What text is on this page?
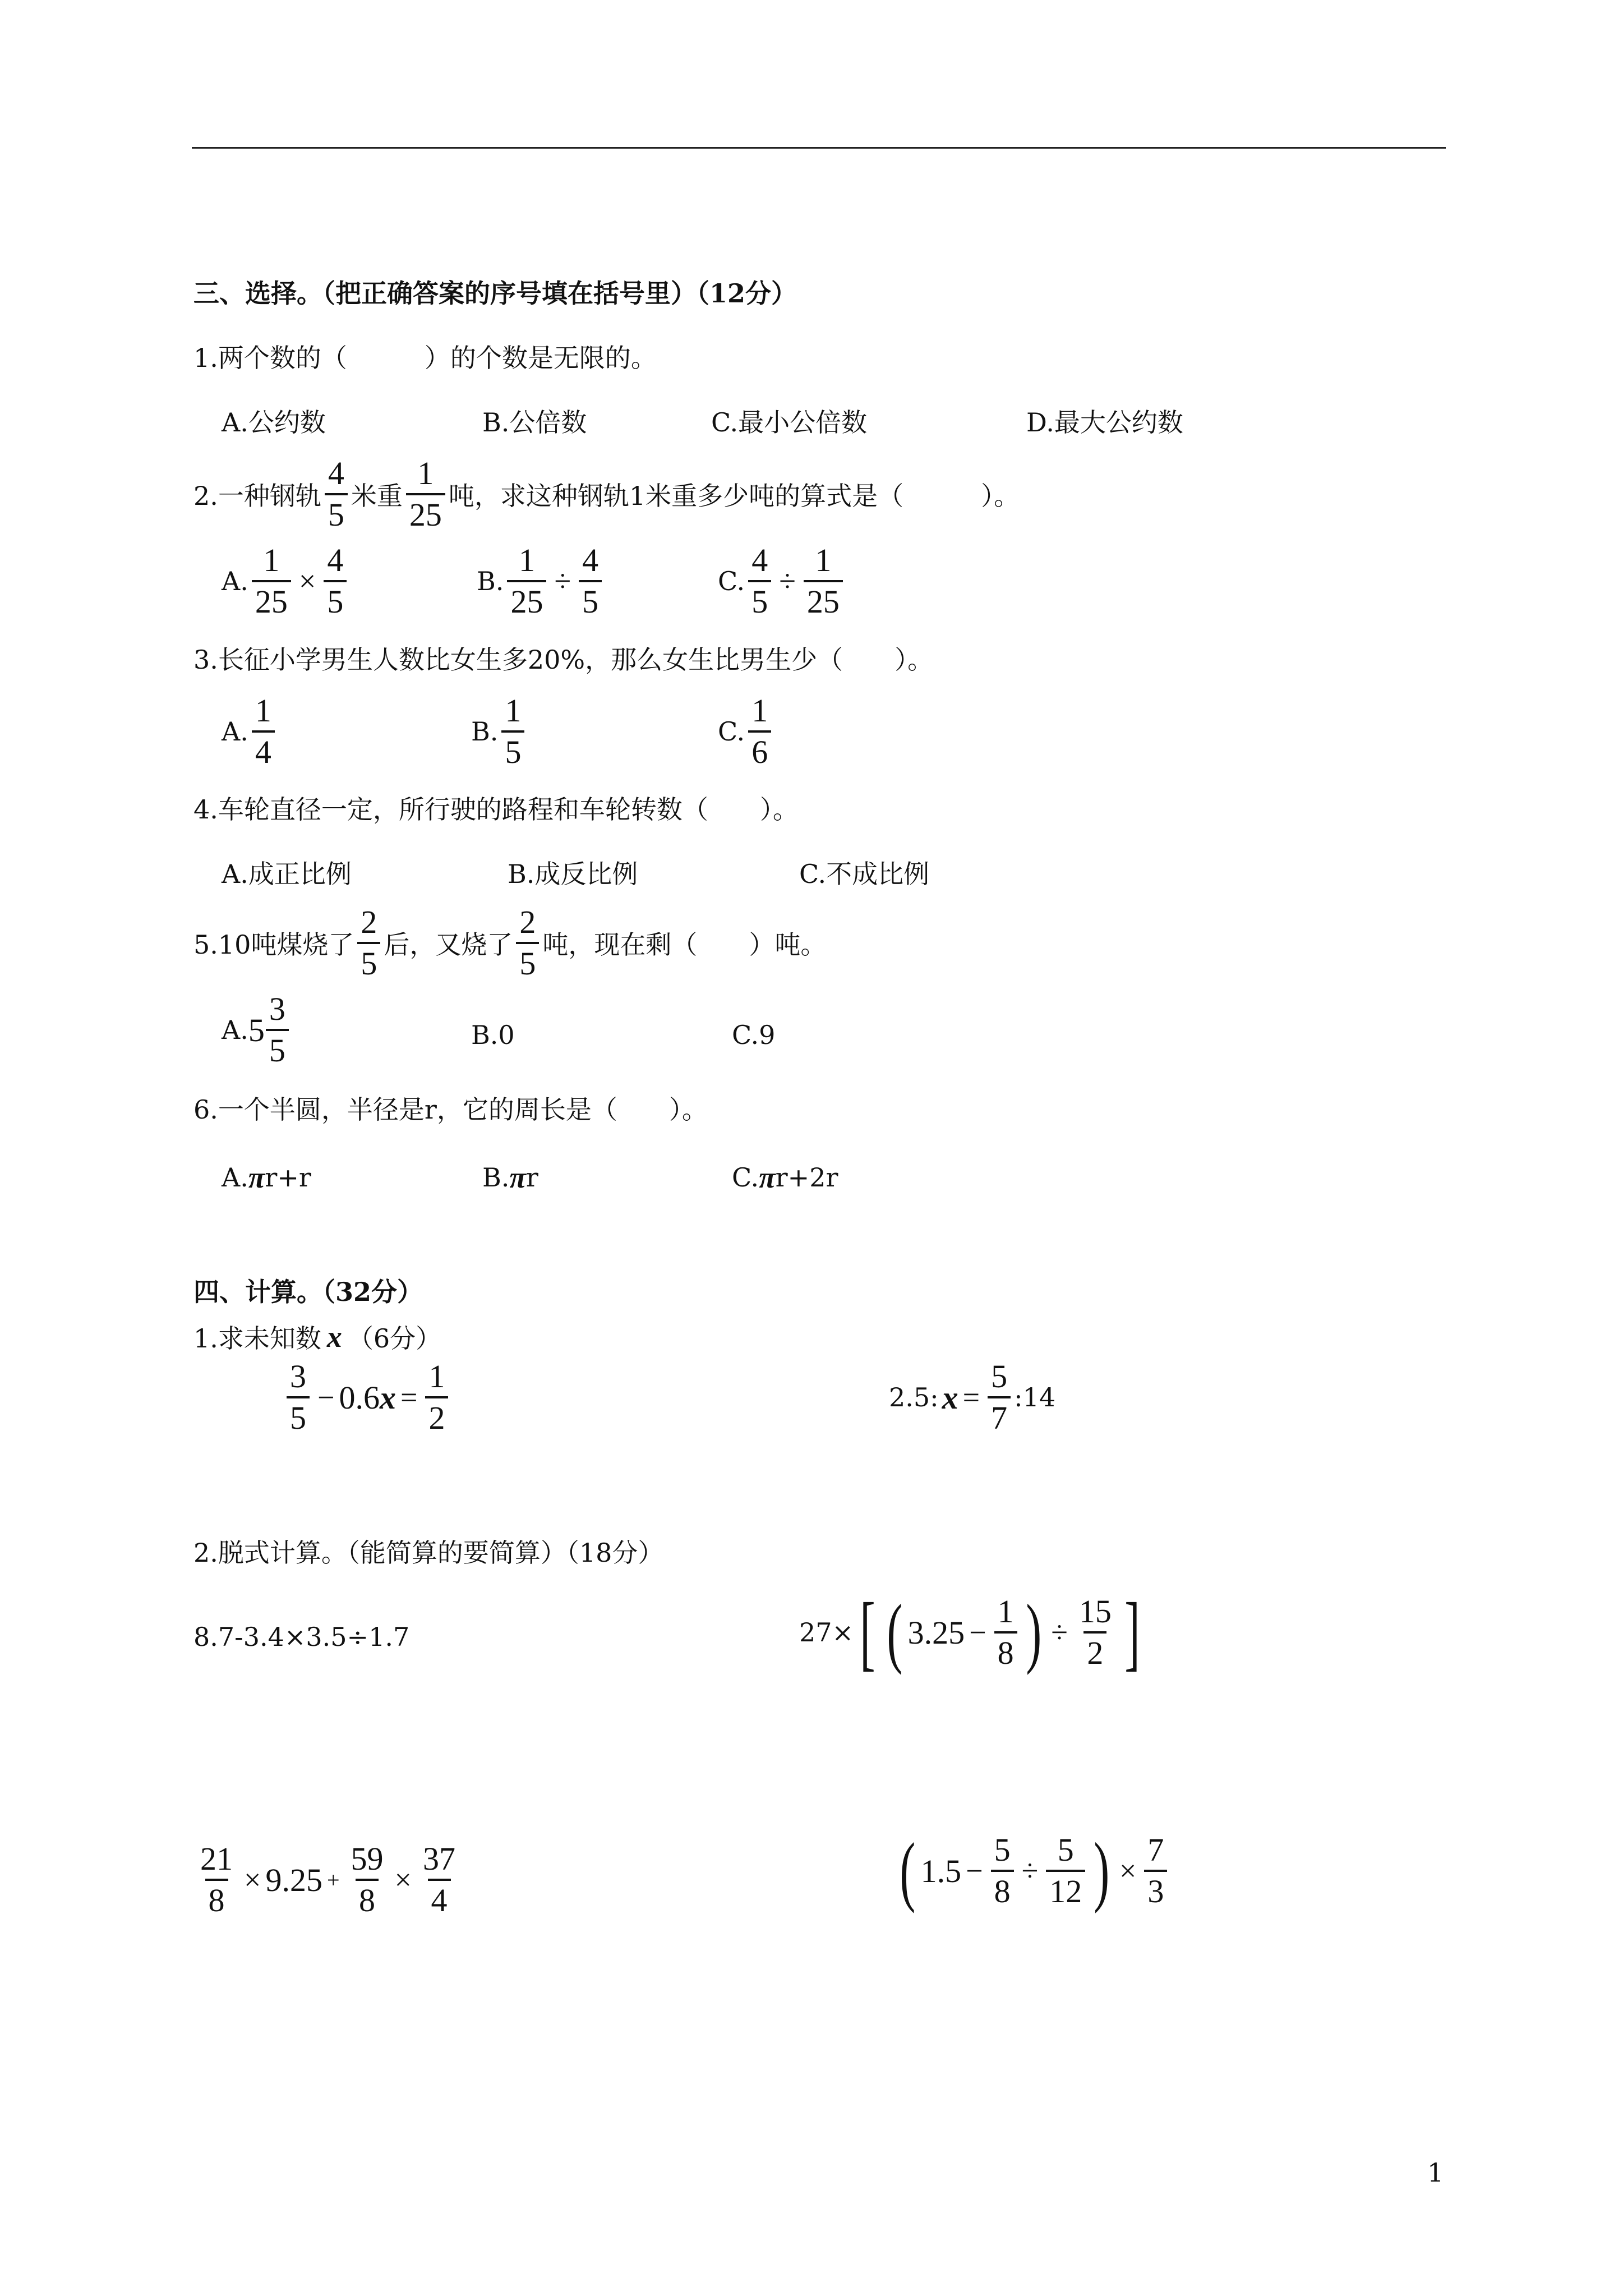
三、选择。（把正确答案的序号填在括号里）（12分）
1.两个数的（　　　）的个数是无限的。
A.公约数	B.公倍数	C.最小公倍数	D.最大公约数
2.一种钢轨 $\frac{4}{5}$ 米重 $\frac{1}{25}$ 吨，求这种钢轨1米重多少吨的算式是（　　　）。
A. $\frac{1}{25} \times \frac{4}{5}$	B. $\frac{1}{25} \div \frac{4}{5}$	C. $\frac{4}{5} \div \frac{1}{25}$
3.长征小学男生人数比女生多20%，那么女生比男生少（　　）。
A. $\frac{1}{4}$	B. $\frac{1}{5}$	C. $\frac{1}{6}$
4.车轮直径一定，所行驶的路程和车轮转数（　　）。
A.成正比例	B.成反比例	C.不成比例
5.10吨煤烧了 $\frac{2}{5}$ 后，又烧了 $\frac{2}{5}$ 吨，现在剩（　　）吨。
A. $5 \frac{3}{5}$	B.0	C.9
6.一个半圆，半径是r，它的周长是（　　）。
A. π r+r	B. π r	C. π r+2r
四、计算。（32分）
1.求未知数 x （6分）
$\frac{3}{5} - 0.6$ $x = \frac{1}{2}$	2.5: $x = \frac{5}{7}$ :14
2.脱式计算。（能简算的要简算）（18分）
8.7-3.4×3.5÷1.7	27× [ ( $3.25 - \frac{1}{8}$ ) ÷ $\frac{15}{2}$ ]
$\frac{21}{8} \times 9.25 + \frac{59}{8} \times \frac{37}{4}$	( $1.5 - \frac{5}{8} \div \frac{5}{12}$ ) × $\frac{7}{3}$
1
